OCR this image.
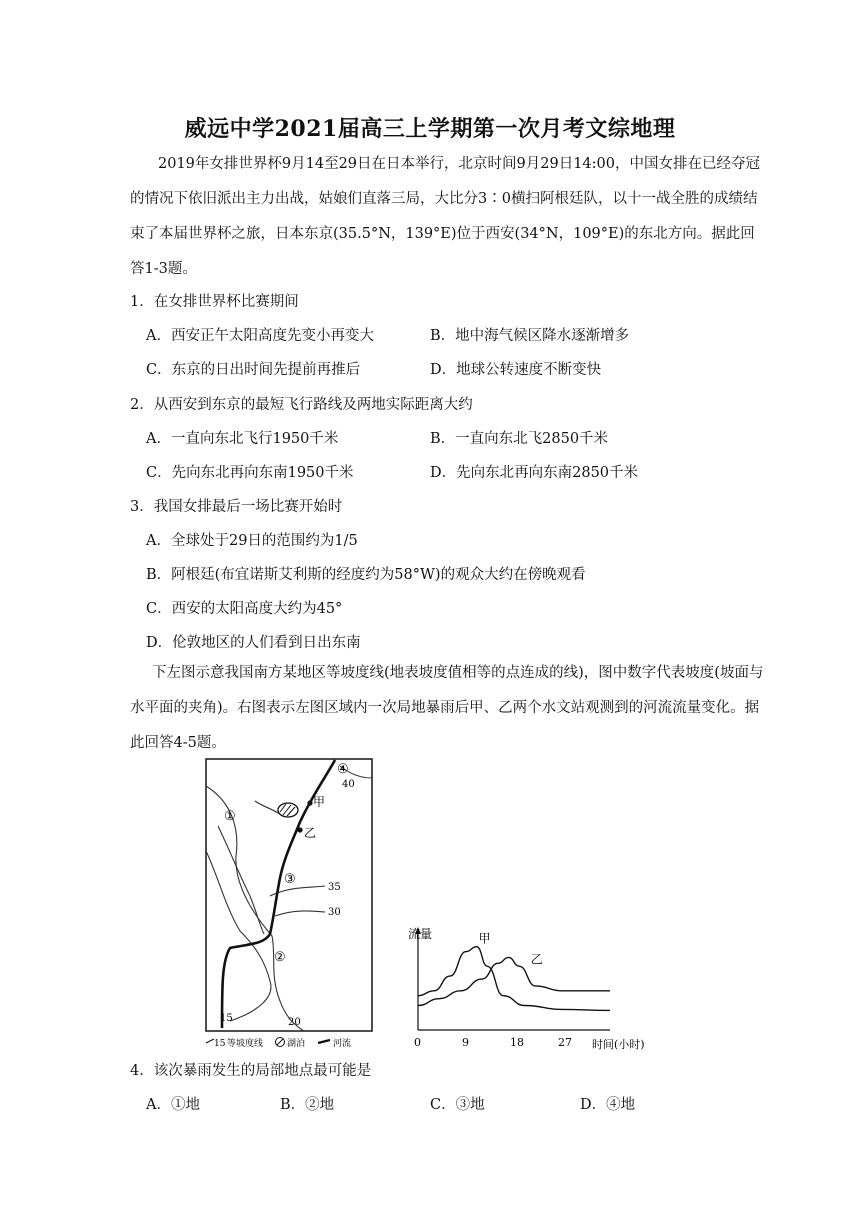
威远中学2021届高三上学期第一次月考文综地理

2019年女排世界杯9月14至29日在日本举行，北京时间9月29日14:00，中国女排在已经夺冠的情况下依旧派出主力出战，姑娘们直落三局，大比分3∶0横扫阿根廷队，以十一战全胜的成绩结束了本届世界杯之旅，日本东京(35.5°N，139°E)位于西安(34°N，109°E)的东北方向。据此回答1-3题。

1．在女排世界杯比赛期间
A．西安正午太阳高度先变小再变大	B．地中海气候区降水逐渐增多
C．东京的日出时间先提前再推后	D．地球公转速度不断变快
2．从西安到东京的最短飞行路线及两地实际距离大约
A．一直向东北飞行1950千米	B．一直向东北飞2850千米
C．先向东北再向东南1950千米	D．先向东北再向东南2850千米
3．我国女排最后一场比赛开始时
A．全球处于29日的范围约为1/5
B．阿根廷(布宜诺斯艾利斯的经度约为58°W)的观众大约在傍晚观看
C．西安的太阳高度大约为45°
D．伦敦地区的人们看到日出东南

下左图示意我国南方某地区等坡度线(地表坡度值相等的点连成的线)，图中数字代表坡度(坡面与水平面的夹角)。右图表示左图区域内一次局地暴雨后甲、乙两个水文站观测到的河流流量变化。据此回答4-5题。

甲
乙
①
②
③
④
40
35
30
20
15
15 等坡度线	湖泊	河流
流量
时间(小时)
0	9	18	27
甲
乙
4．该次暴雨发生的局部地点最可能是
A．①地	B．②地	C．③地	D．④地
